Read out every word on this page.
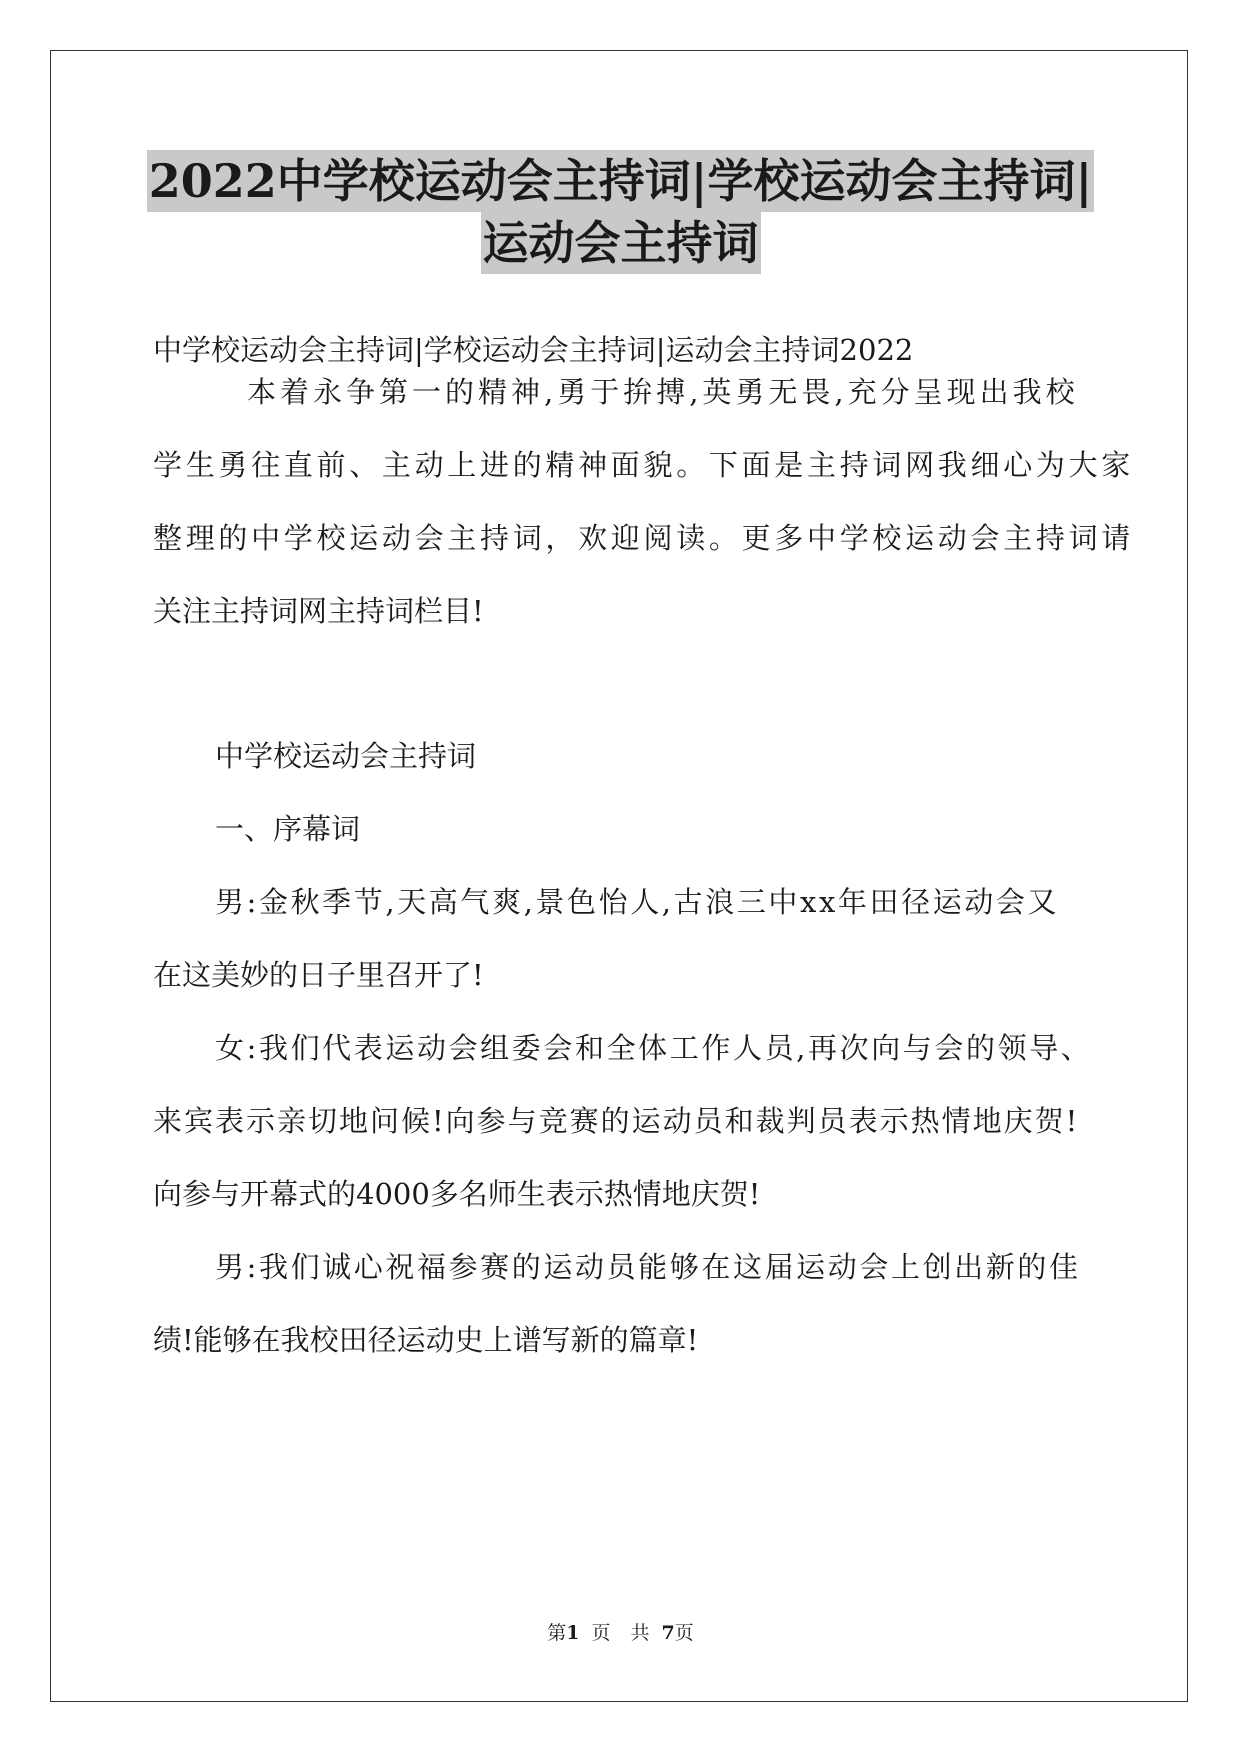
2022中学校运动会主持词|学校运动会主持词|
运动会主持词
中学校运动会主持词|学校运动会主持词|运动会主持词2022
本着永争第一的精神,勇于拚搏,英勇无畏,充分呈现出我校
学生勇往直前、主动上进的精神面貌。下面是主持词网我细心为大家
整理的中学校运动会主持词，欢迎阅读。更多中学校运动会主持词请
关注主持词网主持词栏目!
中学校运动会主持词
一、序幕词
男:金秋季节,天高气爽,景色怡人,古浪三中xx年田径运动会又
在这美妙的日子里召开了!
女:我们代表运动会组委会和全体工作人员,再次向与会的领导、
来宾表示亲切地问候!向参与竞赛的运动员和裁判员表示热情地庆贺!
向参与开幕式的4000多名师生表示热情地庆贺!
男:我们诚心祝福参赛的运动员能够在这届运动会上创出新的佳
绩!能够在我校田径运动史上谱写新的篇章!
第1 页 共 7页
